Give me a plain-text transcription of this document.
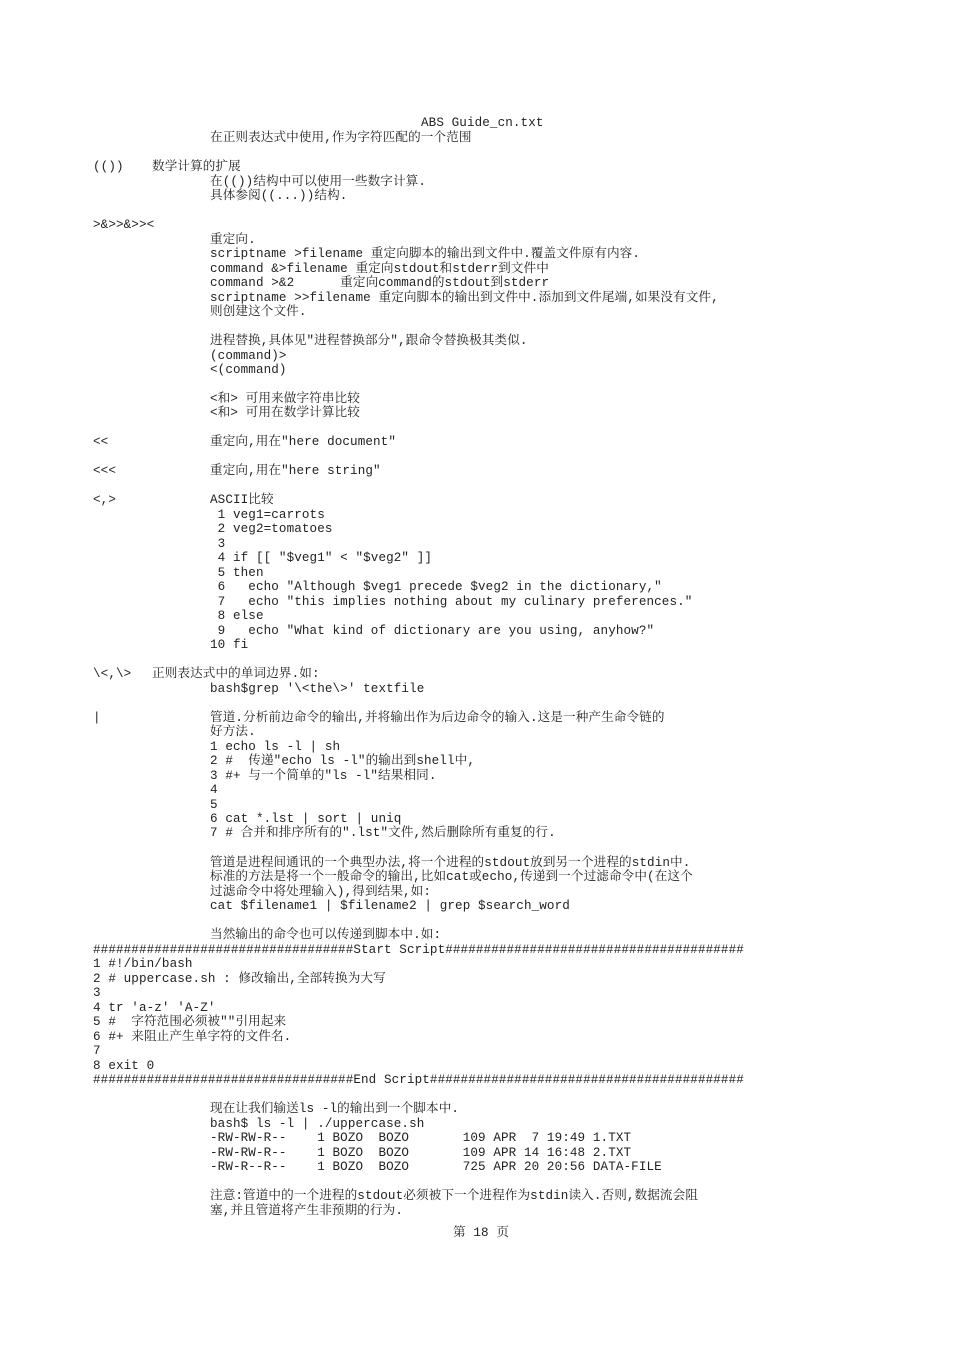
ABS Guide_cn.txt
在正则表达式中使用,作为字符匹配的一个范围
(()) 数学计算的扩展
在(())结构中可以使用一些数字计算.
具体参阅((...))结构.
>&>>&>><
重定向.
scriptname >filename 重定向脚本的输出到文件中.覆盖文件原有内容.
command &>filename 重定向stdout和stderr到文件中
command >&2      重定向command的stdout到stderr
scriptname >>filename 重定向脚本的输出到文件中.添加到文件尾端,如果没有文件,
则创建这个文件.
进程替换,具体见"进程替换部分",跟命令替换极其类似.
(command)>
<(command)
<和> 可用来做字符串比较
<和> 可用在数学计算比较
<<	重定向,用在"here document"
<<<	重定向,用在"here string"
<,>	ASCII比较
1 veg1=carrots
2 veg2=tomatoes
3
4 if [[ "$veg1" < "$veg2" ]]
5 then
6   echo "Although $veg1 precede $veg2 in the dictionary,"
7   echo "this implies nothing about my culinary preferences."
8 else
9   echo "What kind of dictionary are you using, anyhow?"
10 fi
\<,\> 正则表达式中的单词边界.如:
bash$grep '\<the\>' textfile
|	管道.分析前边命令的输出,并将输出作为后边命令的输入.这是一种产生命令链的
好方法.
1 echo ls -l | sh
2 #  传递"echo ls -l"的输出到shell中,
3 #+ 与一个简单的"ls -l"结果相同.
4
5
6 cat *.lst | sort | uniq
7 # 合并和排序所有的".lst"文件,然后删除所有重复的行.
管道是进程间通讯的一个典型办法,将一个进程的stdout放到另一个进程的stdin中.
标准的方法是将一个一般命令的输出,比如cat或echo,传递到一个过滤命令中(在这个
过滤命令中将处理输入),得到结果,如:
cat $filename1 | $filename2 | grep $search_word
当然输出的命令也可以传递到脚本中.如:
##################################Start Script#######################################
1 #!/bin/bash
2 # uppercase.sh : 修改输出,全部转换为大写
3
4 tr 'a-z' 'A-Z'
5 #  字符范围必须被""引用起来
6 #+ 来阻止产生单字符的文件名.
7
8 exit 0
##################################End Script#########################################
现在让我们输送ls -l的输出到一个脚本中.
bash$ ls -l | ./uppercase.sh
-RW-RW-R--    1 BOZO  BOZO       109 APR  7 19:49 1.TXT
-RW-RW-R--    1 BOZO  BOZO       109 APR 14 16:48 2.TXT
-RW-R--R--    1 BOZO  BOZO       725 APR 20 20:56 DATA-FILE
注意:管道中的一个进程的stdout必须被下一个进程作为stdin读入.否则,数据流会阻
塞,并且管道将产生非预期的行为.
第 18 页
